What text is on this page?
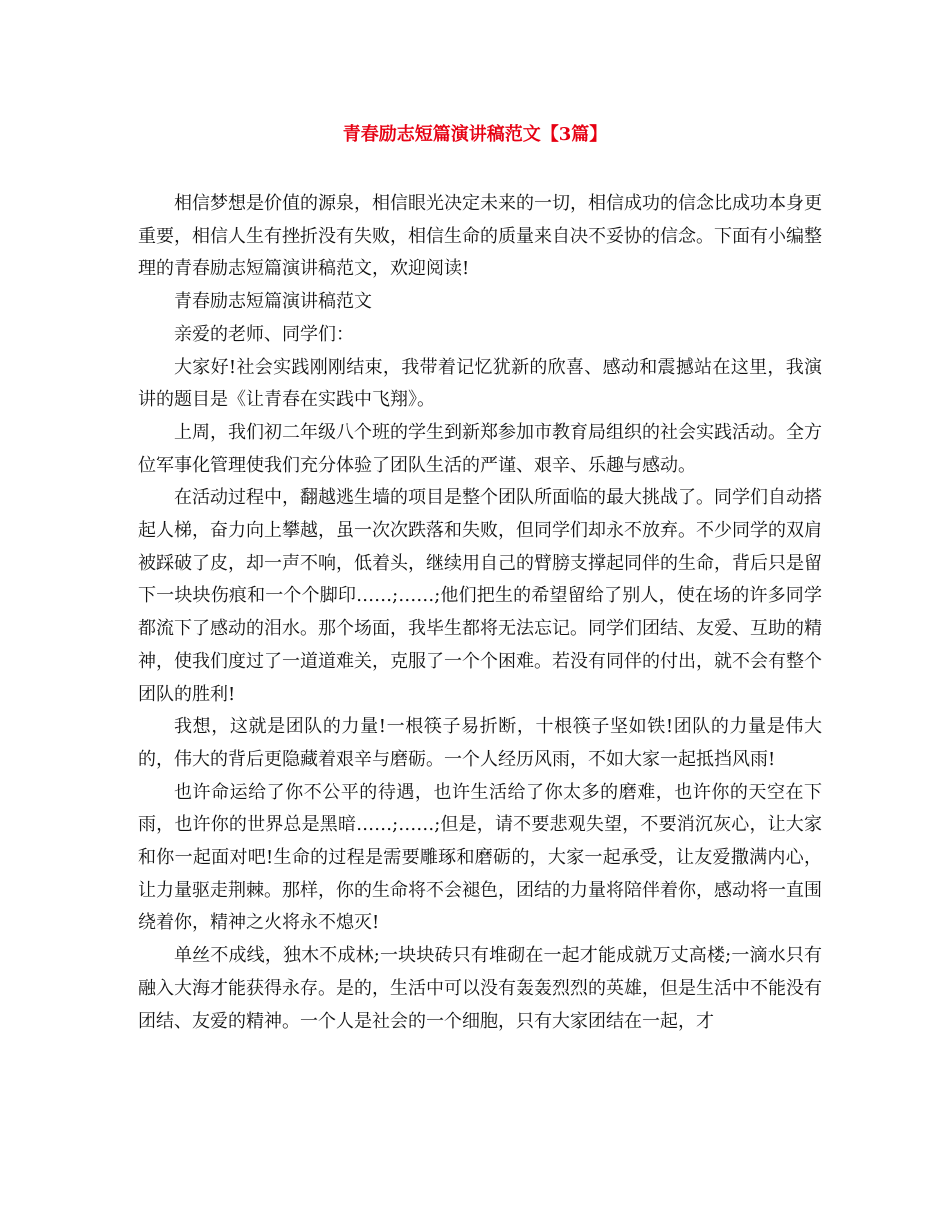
青春励志短篇演讲稿范文【3篇】

相信梦想是价值的源泉，相信眼光决定未来的一切，相信成功的信念比成功本身更重要，相信人生有挫折没有失败，相信生命的质量来自决不妥协的信念。下面有小编整理的青春励志短篇演讲稿范文，欢迎阅读!

青春励志短篇演讲稿范文

亲爱的老师、同学们：

大家好!社会实践刚刚结束，我带着记忆犹新的欣喜、感动和震撼站在这里，我演讲的题目是《让青春在实践中飞翔》。

上周，我们初二年级八个班的学生到新郑参加市教育局组织的社会实践活动。全方位军事化管理使我们充分体验了团队生活的严谨、艰辛、乐趣与感动。

在活动过程中，翻越逃生墙的项目是整个团队所面临的最大挑战了。同学们自动搭起人梯，奋力向上攀越，虽一次次跌落和失败，但同学们却永不放弃。不少同学的双肩被踩破了皮，却一声不响，低着头，继续用自己的臂膀支撑起同伴的生命，背后只是留下一块块伤痕和一个个脚印……;……;他们把生的希望留给了别人，使在场的许多同学都流下了感动的泪水。那个场面，我毕生都将无法忘记。同学们团结、友爱、互助的精神，使我们度过了一道道难关，克服了一个个困难。若没有同伴的付出，就不会有整个团队的胜利!

我想，这就是团队的力量!一根筷子易折断，十根筷子坚如铁!团队的力量是伟大的，伟大的背后更隐藏着艰辛与磨砺。一个人经历风雨，不如大家一起抵挡风雨!

也许命运给了你不公平的待遇，也许生活给了你太多的磨难，也许你的天空在下雨，也许你的世界总是黑暗……;……;但是，请不要悲观失望，不要消沉灰心，让大家和你一起面对吧!生命的过程是需要雕琢和磨砺的，大家一起承受，让友爱撒满内心，让力量驱走荆棘。那样，你的生命将不会褪色，团结的力量将陪伴着你，感动将一直围绕着你，精神之火将永不熄灭!

单丝不成线，独木不成林;一块块砖只有堆砌在一起才能成就万丈高楼;一滴水只有融入大海才能获得永存。是的，生活中可以没有轰轰烈烈的英雄，但是生活中不能没有团结、友爱的精神。一个人是社会的一个细胞，只有大家团结在一起，才
